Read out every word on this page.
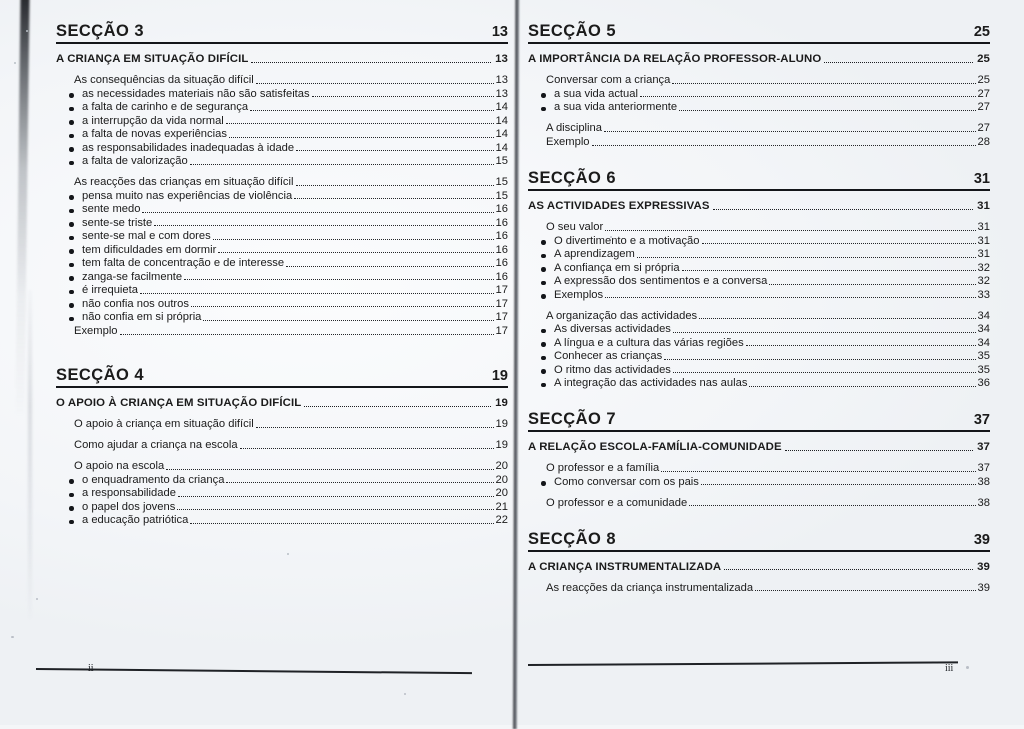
SECÇÃO 3	13
A CRIANÇA EM SITUAÇÃO DIFÍCIL	13
As consequências da situação difícil	13
as necessidades materiais não são satisfeitas	13
a falta de carinho e de segurança	14
a interrupção da vida normal	14
a falta de novas experiências	14
as responsabilidades inadequadas à idade	14
a falta de valorização	15
As reacções das crianças em situação difícil	15
pensa muito nas experiências de violência	15
sente medo	16
sente-se triste	16
sente-se mal e com dores	16
tem dificuldades em dormir	16
tem falta de concentração e de interesse	16
zanga-se facilmente	16
é irrequieta	17
não confia nos outros	17
não confia em si própria	17
Exemplo	17
SECÇÃO 4	19
O APOIO À CRIANÇA EM SITUAÇÃO DIFÍCIL	19
O apoio à criança em situação difícil	19
Como ajudar a criança na escola	19
O apoio na escola	20
o enquadramento da criança	20
a responsabilidade	20
o papel dos jovens	21
a educação patriótica	22
SECÇÃO 5	25
A IMPORTÂNCIA DA RELAÇÃO PROFESSOR-ALUNO	25
Conversar com a criança	25
a sua vida actual	27
a sua vida anteriormente	27
A disciplina	27
Exemplo	28
SECÇÃO 6	31
AS ACTIVIDADES EXPRESSIVAS	31
O seu valor	31
O divertimento e a motivação	31
A aprendizagem	31
A confiança em si própria	32
A expressão dos sentimentos e a conversa	32
Exemplos	33
A organização das actividades	34
As diversas actividades	34
A língua e a cultura das várias regiões	34
Conhecer as crianças	35
O ritmo das actividades	35
A integração das actividades nas aulas	36
SECÇÃO 7	37
A RELAÇÃO ESCOLA-FAMÍLIA-COMUNIDADE	37
O professor e a família	37
Como conversar com os pais	38
O professor e a comunidade	38
SECÇÃO 8	39
A CRIANÇA INSTRUMENTALIZADA	39
As reacções da criança instrumentalizada	39
ii	iii
